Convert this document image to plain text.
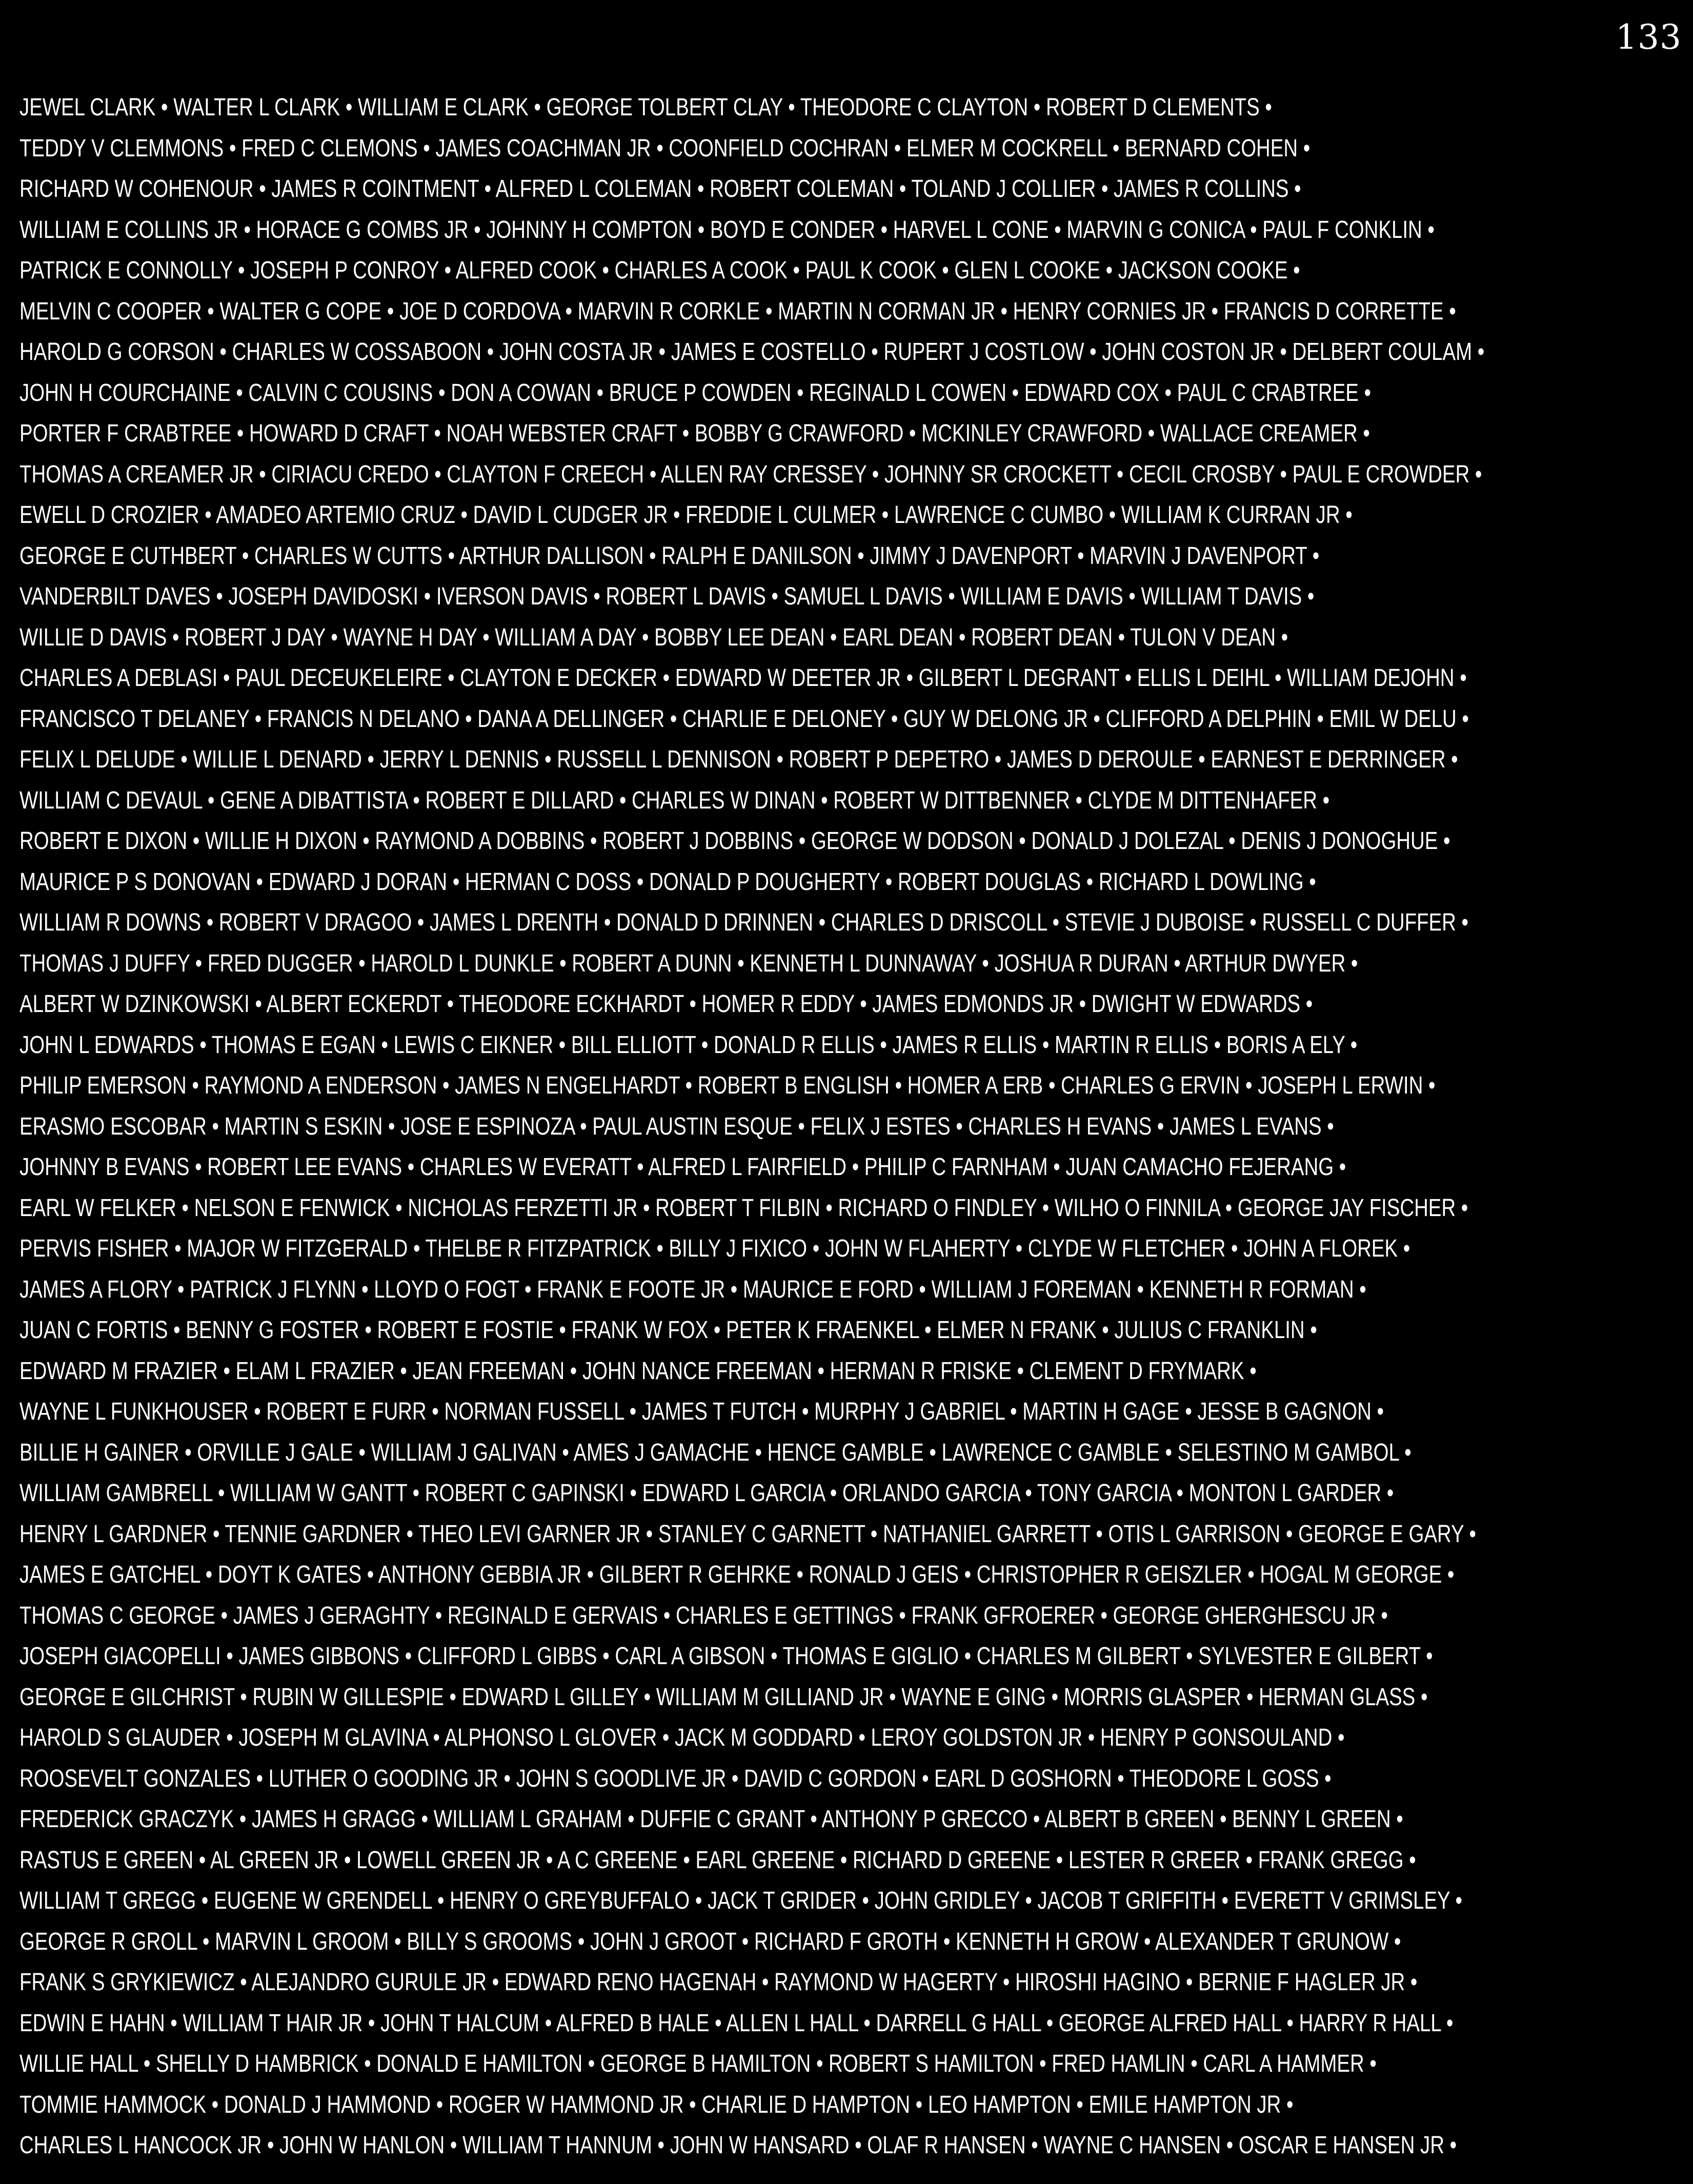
133
JEWEL CLARK • WALTER L CLARK • WILLIAM E CLARK • GEORGE TOLBERT CLAY • THEODORE C CLAYTON • ROBERT D CLEMENTS •
TEDDY V CLEMMONS • FRED C CLEMONS • JAMES COACHMAN JR • COONFIELD COCHRAN • ELMER M COCKRELL • BERNARD COHEN •
RICHARD W COHENOUR • JAMES R COINTMENT • ALFRED L COLEMAN • ROBERT COLEMAN • TOLAND J COLLIER • JAMES R COLLINS •
WILLIAM E COLLINS JR • HORACE G COMBS JR • JOHNNY H COMPTON • BOYD E CONDER • HARVEL L CONE • MARVIN G CONICA • PAUL F CONKLIN •
PATRICK E CONNOLLY • JOSEPH P CONROY • ALFRED COOK • CHARLES A COOK • PAUL K COOK • GLEN L COOKE • JACKSON COOKE •
MELVIN C COOPER • WALTER G COPE • JOE D CORDOVA • MARVIN R CORKLE • MARTIN N CORMAN JR • HENRY CORNIES JR • FRANCIS D CORRETTE •
HAROLD G CORSON • CHARLES W COSSABOON • JOHN COSTA JR • JAMES E COSTELLO • RUPERT J COSTLOW • JOHN COSTON JR • DELBERT COULAM •
JOHN H COURCHAINE • CALVIN C COUSINS • DON A COWAN • BRUCE P COWDEN • REGINALD L COWEN • EDWARD COX • PAUL C CRABTREE •
PORTER F CRABTREE • HOWARD D CRAFT • NOAH WEBSTER CRAFT • BOBBY G CRAWFORD • MCKINLEY CRAWFORD • WALLACE CREAMER •
THOMAS A CREAMER JR • CIRIACU CREDO • CLAYTON F CREECH • ALLEN RAY CRESSEY • JOHNNY SR CROCKETT • CECIL CROSBY • PAUL E CROWDER •
EWELL D CROZIER • AMADEO ARTEMIO CRUZ • DAVID L CUDGER JR • FREDDIE L CULMER • LAWRENCE C CUMBO • WILLIAM K CURRAN JR •
GEORGE E CUTHBERT • CHARLES W CUTTS • ARTHUR DALLISON • RALPH E DANILSON • JIMMY J DAVENPORT • MARVIN J DAVENPORT •
VANDERBILT DAVES • JOSEPH DAVIDOSKI • IVERSON DAVIS • ROBERT L DAVIS • SAMUEL L DAVIS • WILLIAM E DAVIS • WILLIAM T DAVIS •
WILLIE D DAVIS • ROBERT J DAY • WAYNE H DAY • WILLIAM A DAY • BOBBY LEE DEAN • EARL DEAN • ROBERT DEAN • TULON V DEAN •
CHARLES A DEBLASI • PAUL DECEUKELEIRE • CLAYTON E DECKER • EDWARD W DEETER JR • GILBERT L DEGRANT • ELLIS L DEIHL • WILLIAM DEJOHN •
FRANCISCO T DELANEY • FRANCIS N DELANO • DANA A DELLINGER • CHARLIE E DELONEY • GUY W DELONG JR • CLIFFORD A DELPHIN • EMIL W DELU •
FELIX L DELUDE • WILLIE L DENARD • JERRY L DENNIS • RUSSELL L DENNISON • ROBERT P DEPETRO • JAMES D DEROULE • EARNEST E DERRINGER •
WILLIAM C DEVAUL • GENE A DIBATTISTA • ROBERT E DILLARD • CHARLES W DINAN • ROBERT W DITTBENNER • CLYDE M DITTENHAFER •
ROBERT E DIXON • WILLIE H DIXON • RAYMOND A DOBBINS • ROBERT J DOBBINS • GEORGE W DODSON • DONALD J DOLEZAL • DENIS J DONOGHUE •
MAURICE P S DONOVAN • EDWARD J DORAN • HERMAN C DOSS • DONALD P DOUGHERTY • ROBERT DOUGLAS • RICHARD L DOWLING •
WILLIAM R DOWNS • ROBERT V DRAGOO • JAMES L DRENTH • DONALD D DRINNEN • CHARLES D DRISCOLL • STEVIE J DUBOISE • RUSSELL C DUFFER •
THOMAS J DUFFY • FRED DUGGER • HAROLD L DUNKLE • ROBERT A DUNN • KENNETH L DUNNAWAY • JOSHUA R DURAN • ARTHUR DWYER •
ALBERT W DZINKOWSKI • ALBERT ECKERDT • THEODORE ECKHARDT • HOMER R EDDY • JAMES EDMONDS JR • DWIGHT W EDWARDS •
JOHN L EDWARDS • THOMAS E EGAN • LEWIS C EIKNER • BILL ELLIOTT • DONALD R ELLIS • JAMES R ELLIS • MARTIN R ELLIS • BORIS A ELY •
PHILIP EMERSON • RAYMOND A ENDERSON • JAMES N ENGELHARDT • ROBERT B ENGLISH • HOMER A ERB • CHARLES G ERVIN • JOSEPH L ERWIN •
ERASMO ESCOBAR • MARTIN S ESKIN • JOSE E ESPINOZA • PAUL AUSTIN ESQUE • FELIX J ESTES • CHARLES H EVANS • JAMES L EVANS •
JOHNNY B EVANS • ROBERT LEE EVANS • CHARLES W EVERATT • ALFRED L FAIRFIELD • PHILIP C FARNHAM • JUAN CAMACHO FEJERANG •
EARL W FELKER • NELSON E FENWICK • NICHOLAS FERZETTI JR • ROBERT T FILBIN • RICHARD O FINDLEY • WILHO O FINNILA • GEORGE JAY FISCHER •
PERVIS FISHER • MAJOR W FITZGERALD • THELBE R FITZPATRICK • BILLY J FIXICO • JOHN W FLAHERTY • CLYDE W FLETCHER • JOHN A FLOREK •
JAMES A FLORY • PATRICK J FLYNN • LLOYD O FOGT • FRANK E FOOTE JR • MAURICE E FORD • WILLIAM J FOREMAN • KENNETH R FORMAN •
JUAN C FORTIS • BENNY G FOSTER • ROBERT E FOSTIE • FRANK W FOX • PETER K FRAENKEL • ELMER N FRANK • JULIUS C FRANKLIN •
EDWARD M FRAZIER • ELAM L FRAZIER • JEAN FREEMAN • JOHN NANCE FREEMAN • HERMAN R FRISKE • CLEMENT D FRYMARK •
WAYNE L FUNKHOUSER • ROBERT E FURR • NORMAN FUSSELL • JAMES T FUTCH • MURPHY J GABRIEL • MARTIN H GAGE • JESSE B GAGNON •
BILLIE H GAINER • ORVILLE J GALE • WILLIAM J GALIVAN • AMES J GAMACHE • HENCE GAMBLE • LAWRENCE C GAMBLE • SELESTINO M GAMBOL •
WILLIAM GAMBRELL • WILLIAM W GANTT • ROBERT C GAPINSKI • EDWARD L GARCIA • ORLANDO GARCIA • TONY GARCIA • MONTON L GARDER •
HENRY L GARDNER • TENNIE GARDNER • THEO LEVI GARNER JR • STANLEY C GARNETT • NATHANIEL GARRETT • OTIS L GARRISON • GEORGE E GARY •
JAMES E GATCHEL • DOYT K GATES • ANTHONY GEBBIA JR • GILBERT R GEHRKE • RONALD J GEIS • CHRISTOPHER R GEISZLER • HOGAL M GEORGE •
THOMAS C GEORGE • JAMES J GERAGHTY • REGINALD E GERVAIS • CHARLES E GETTINGS • FRANK GFROERER • GEORGE GHERGHESCU JR •
JOSEPH GIACOPELLI • JAMES GIBBONS • CLIFFORD L GIBBS • CARL A GIBSON • THOMAS E GIGLIO • CHARLES M GILBERT • SYLVESTER E GILBERT •
GEORGE E GILCHRIST • RUBIN W GILLESPIE • EDWARD L GILLEY • WILLIAM M GILLIAND JR • WAYNE E GING • MORRIS GLASPER • HERMAN GLASS •
HAROLD S GLAUDER • JOSEPH M GLAVINA • ALPHONSO L GLOVER • JACK M GODDARD • LEROY GOLDSTON JR • HENRY P GONSOULAND •
ROOSEVELT GONZALES • LUTHER O GOODING JR • JOHN S GOODLIVE JR • DAVID C GORDON • EARL D GOSHORN • THEODORE L GOSS •
FREDERICK GRACZYK • JAMES H GRAGG • WILLIAM L GRAHAM • DUFFIE C GRANT • ANTHONY P GRECCO • ALBERT B GREEN • BENNY L GREEN •
RASTUS E GREEN • AL GREEN JR • LOWELL GREEN JR • A C GREENE • EARL GREENE • RICHARD D GREENE • LESTER R GREER • FRANK GREGG •
WILLIAM T GREGG • EUGENE W GRENDELL • HENRY O GREYBUFFALO • JACK T GRIDER • JOHN GRIDLEY • JACOB T GRIFFITH • EVERETT V GRIMSLEY •
GEORGE R GROLL • MARVIN L GROOM • BILLY S GROOMS • JOHN J GROOT • RICHARD F GROTH • KENNETH H GROW • ALEXANDER T GRUNOW •
FRANK S GRYKIEWICZ • ALEJANDRO GURULE JR • EDWARD RENO HAGENAH • RAYMOND W HAGERTY • HIROSHI HAGINO • BERNIE F HAGLER JR •
EDWIN E HAHN • WILLIAM T HAIR JR • JOHN T HALCUM • ALFRED B HALE • ALLEN L HALL • DARRELL G HALL • GEORGE ALFRED HALL • HARRY R HALL •
WILLIE HALL • SHELLY D HAMBRICK • DONALD E HAMILTON • GEORGE B HAMILTON • ROBERT S HAMILTON • FRED HAMLIN • CARL A HAMMER •
TOMMIE HAMMOCK • DONALD J HAMMOND • ROGER W HAMMOND JR • CHARLIE D HAMPTON • LEO HAMPTON • EMILE HAMPTON JR •
CHARLES L HANCOCK JR • JOHN W HANLON • WILLIAM T HANNUM • JOHN W HANSARD • OLAF R HANSEN • WAYNE C HANSEN • OSCAR E HANSEN JR •
